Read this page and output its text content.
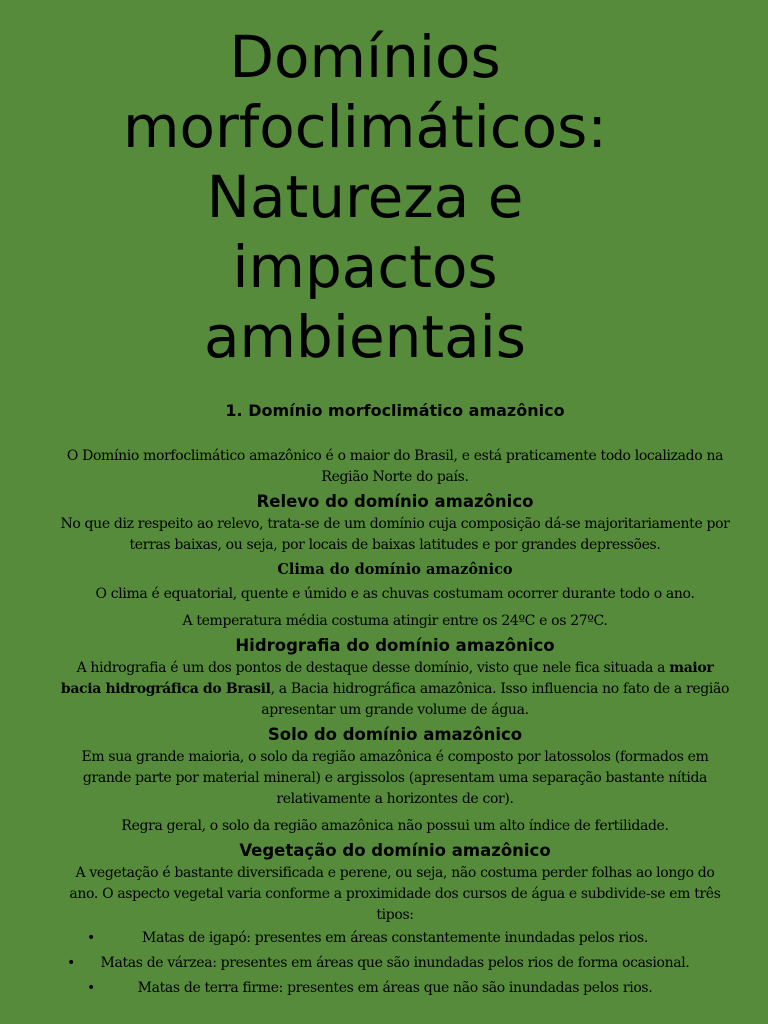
Domínios
morfoclimáticos:
Natureza e
impactos
ambientais
1. Domínio morfoclimático amazônico
O Domínio morfoclimático amazônico é o maior do Brasil, e está praticamente todo localizado na Região Norte do país.
Relevo do domínio amazônico
No que diz respeito ao relevo, trata-se de um domínio cuja composição dá-se majoritariamente por terras baixas, ou seja, por locais de baixas latitudes e por grandes depressões.
Clima do domínio amazônico
O clima é equatorial, quente e úmido e as chuvas costumam ocorrer durante todo o ano.
A temperatura média costuma atingir entre os 24ºC e os 27ºC.
Hidrografia do domínio amazônico
A hidrografia é um dos pontos de destaque desse domínio, visto que nele fica situada a maior bacia hidrográfica do Brasil, a Bacia hidrográfica amazônica. Isso influencia no fato de a região apresentar um grande volume de água.
Solo do domínio amazônico
Em sua grande maioria, o solo da região amazônica é composto por latossolos (formados em grande parte por material mineral) e argissolos (apresentam uma separação bastante nítida relativamente a horizontes de cor).
Regra geral, o solo da região amazônica não possui um alto índice de fertilidade.
Vegetação do domínio amazônico
A vegetação é bastante diversificada e perene, ou seja, não costuma perder folhas ao longo do ano. O aspecto vegetal varia conforme a proximidade dos cursos de água e subdivide-se em três tipos:
•	Matas de igapó: presentes em áreas constantemente inundadas pelos rios.
• Matas de várzea: presentes em áreas que são inundadas pelos rios de forma ocasional.
•	Matas de terra firme: presentes em áreas que não são inundadas pelos rios.
